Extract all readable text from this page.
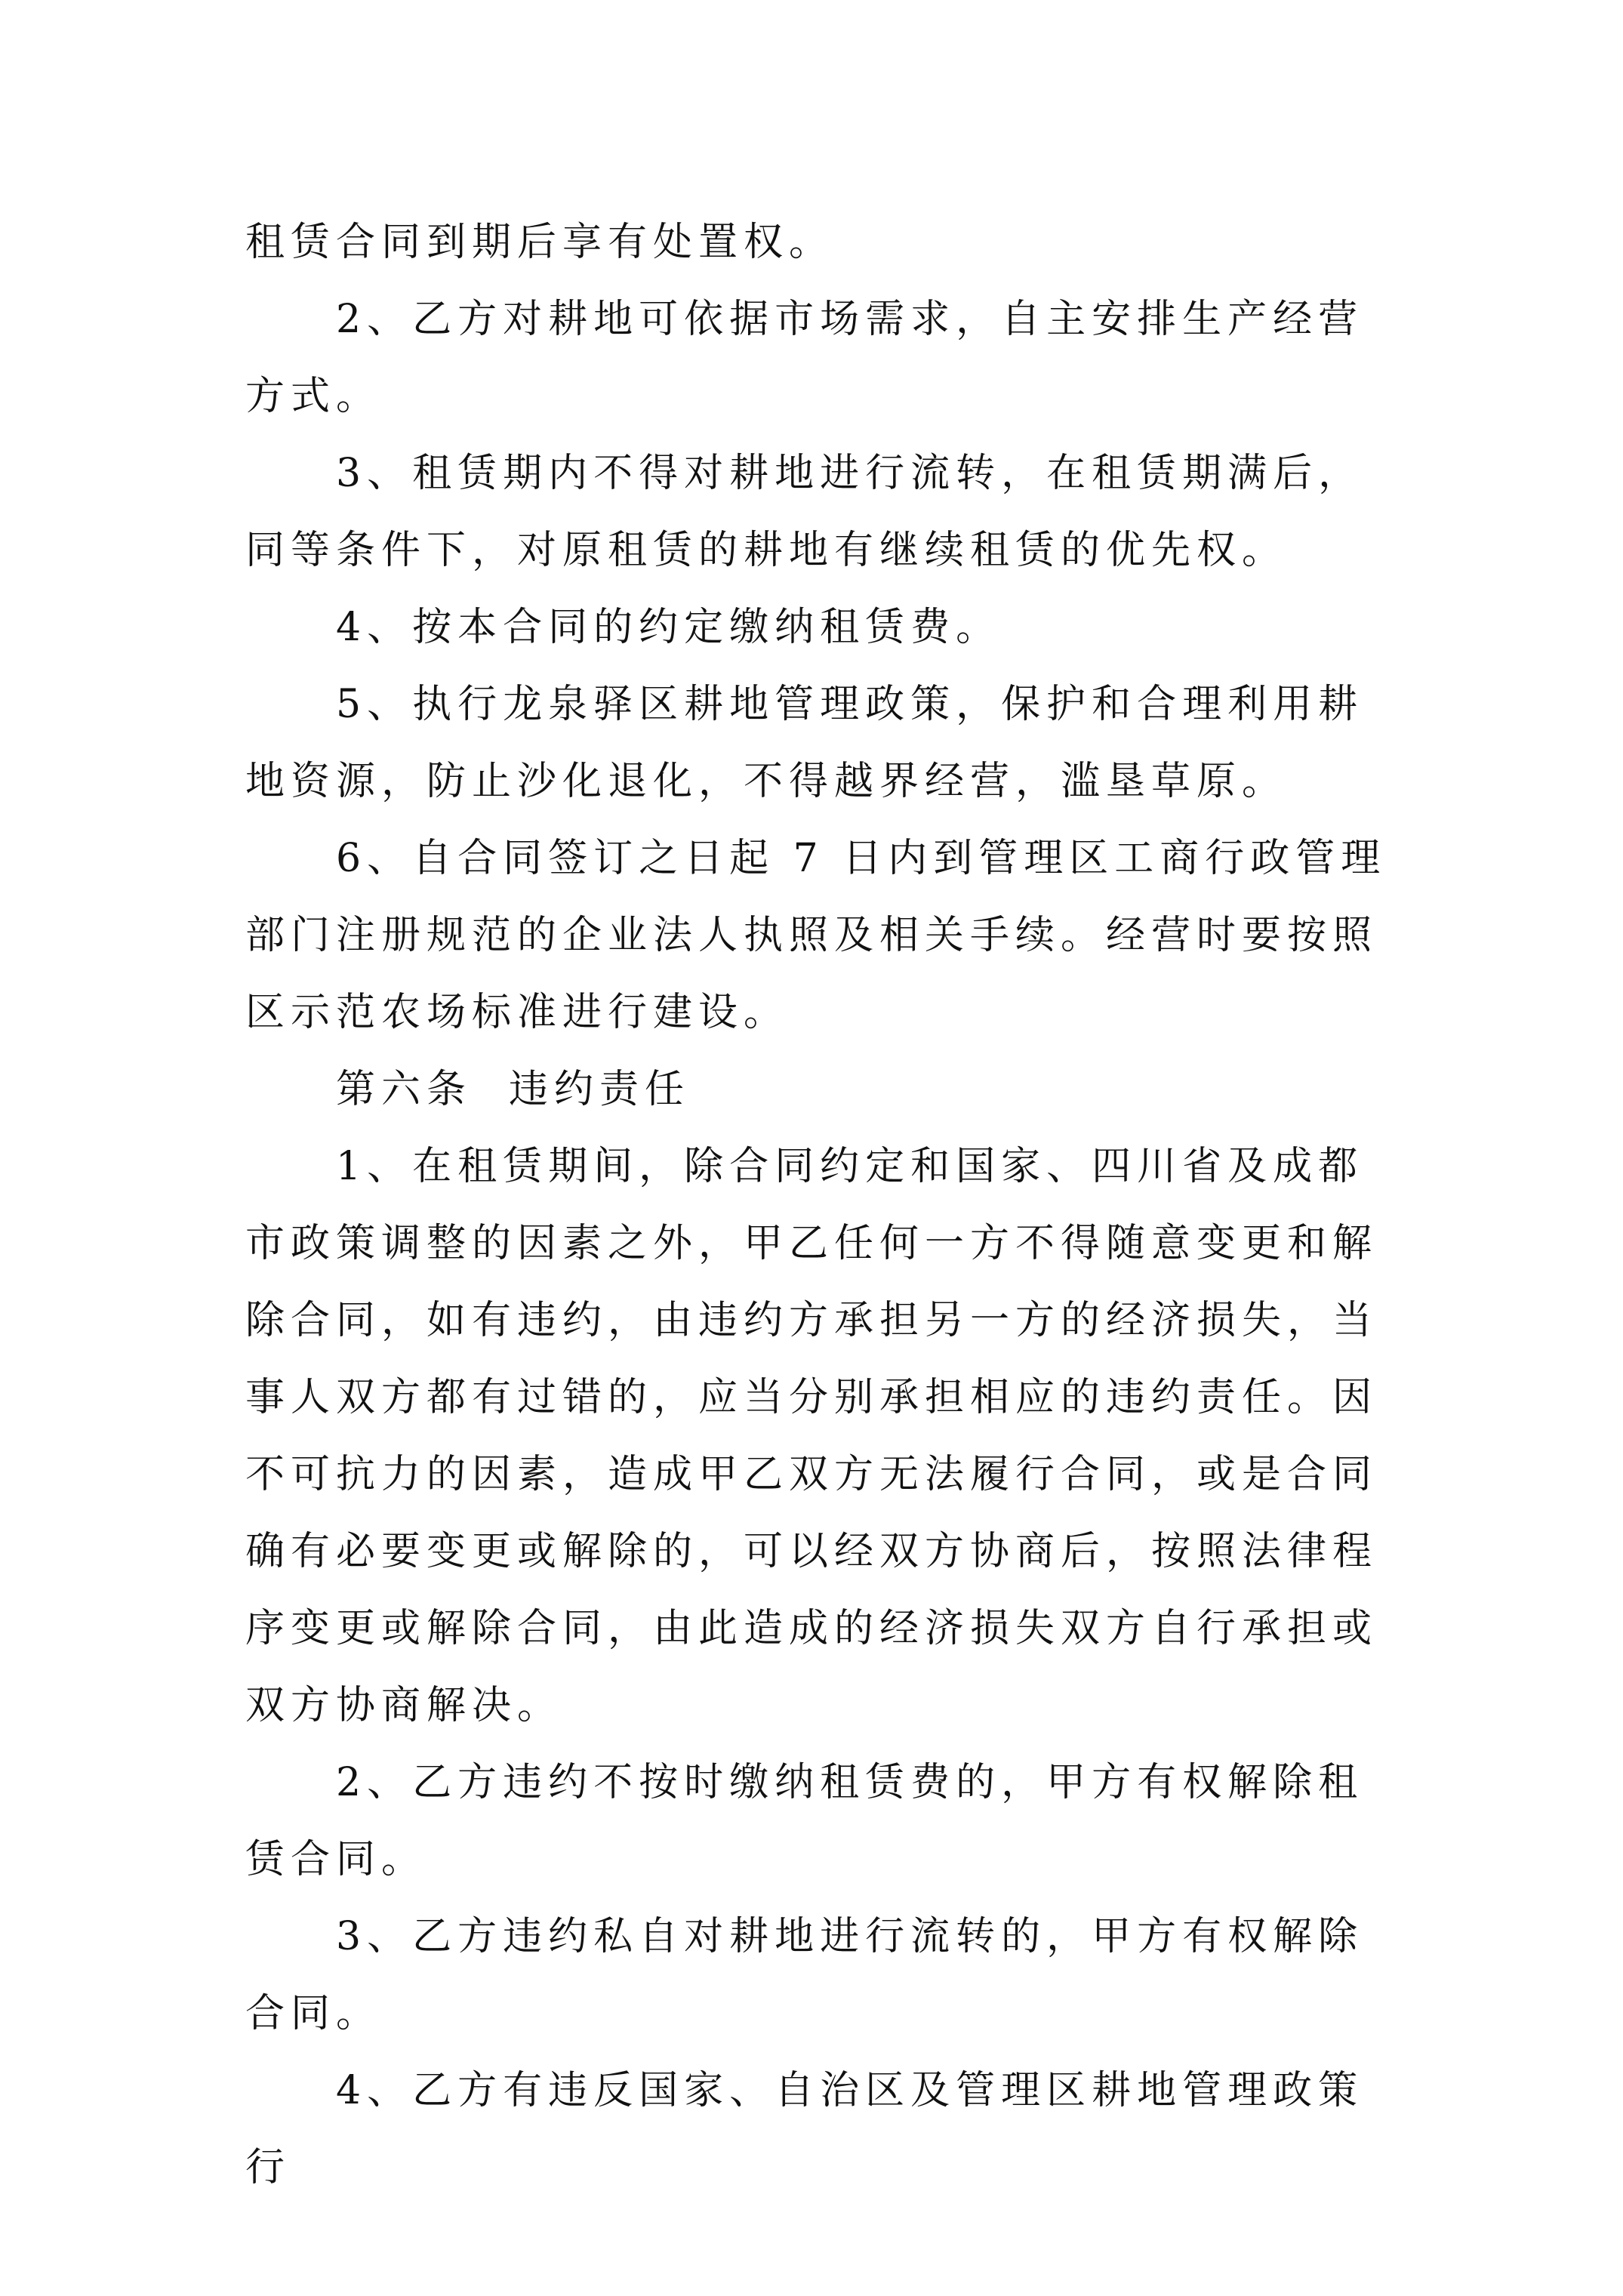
租赁合同到期后享有处置权。

2、乙方对耕地可依据市场需求，自主安排生产经营方式。

3、租赁期内不得对耕地进行流转，在租赁期满后，同等条件下，对原租赁的耕地有继续租赁的优先权。

4、按本合同的约定缴纳租赁费。

5、执行龙泉驿区耕地管理政策，保护和合理利用耕地资源，防止沙化退化，不得越界经营，滥垦草原。

6、自合同签订之日起 7 日内到管理区工商行政管理部门注册规范的企业法人执照及相关手续。经营时要按照区示范农场标准进行建设。

第六条  违约责任

1、在租赁期间，除合同约定和国家、四川省及成都市政策调整的因素之外，甲乙任何一方不得随意变更和解除合同，如有违约，由违约方承担另一方的经济损失，当事人双方都有过错的，应当分别承担相应的违约责任。因不可抗力的因素，造成甲乙双方无法履行合同，或是合同确有必要变更或解除的，可以经双方协商后，按照法律程序变更或解除合同，由此造成的经济损失双方自行承担或双方协商解决。

2、乙方违约不按时缴纳租赁费的，甲方有权解除租赁合同。

3、乙方违约私自对耕地进行流转的，甲方有权解除合同。

4、乙方有违反国家、自治区及管理区耕地管理政策行
